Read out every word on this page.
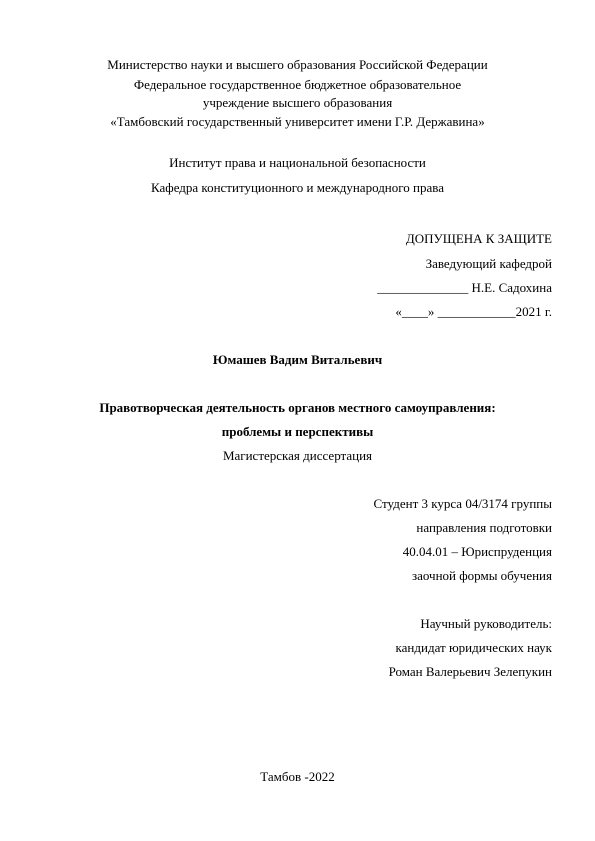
Министерство науки и высшего образования Российской Федерации
Федеральное государственное бюджетное образовательное
учреждение высшего образования
«Тамбовский государственный университет имени Г.Р. Державина»
Институт права и национальной безопасности
Кафедра конституционного и международного права
ДОПУЩЕНА К ЗАЩИТЕ
Заведующий кафедрой
______________ Н.Е. Садохина
«____» ____________2021 г.
Юмашев Вадим Витальевич
Правотворческая деятельность органов местного самоуправления:
проблемы и перспективы
Магистерская диссертация
Студент 3 курса 04/3174 группы
направления подготовки
40.04.01 – Юриспруденция
заочной формы обучения
Научный руководитель:
кандидат юридических наук
Роман Валерьевич Зелепукин
Тамбов -2022
